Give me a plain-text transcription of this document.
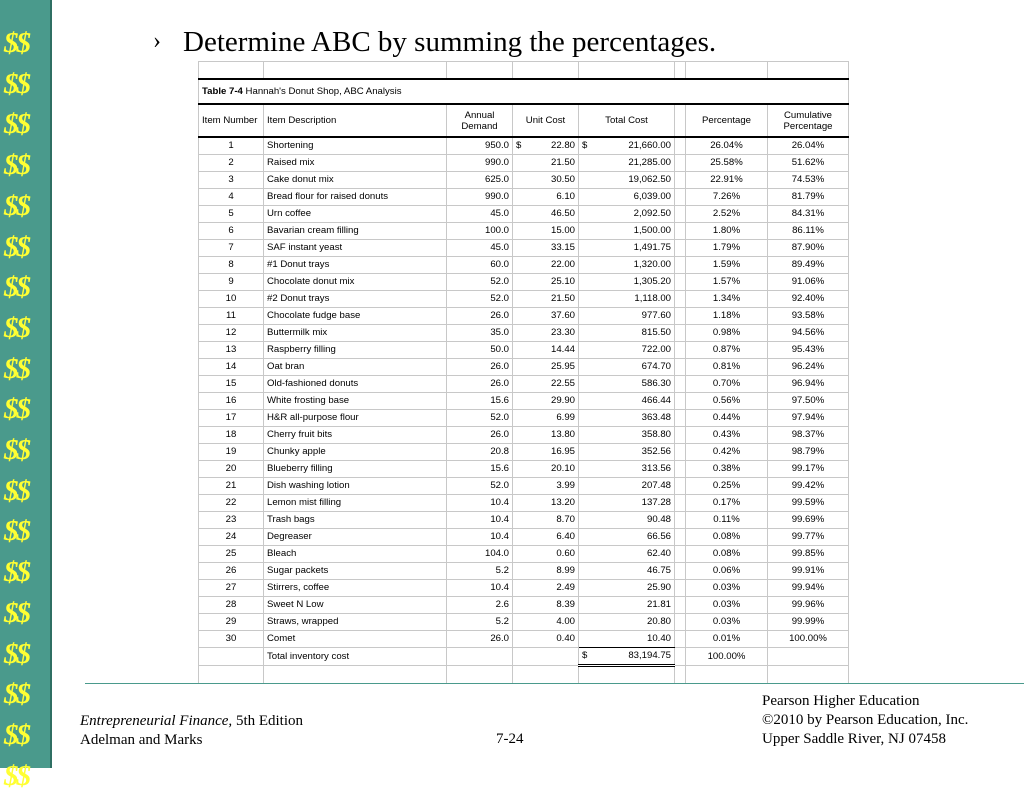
$$
$$
$$
$$
$$
$$
$$
$$
$$
$$
$$
$$
$$
$$
$$
$$
$$
$$
$$
› Determine ABC by summing the percentages.

Table 7-4 Hannah's Donut Shop, ABC Analysis							
Item Number	Item Description	Annual Demand	Unit Cost	Total Cost		Percentage	Cumulative Percentage
1	Shortening	950.0	$ 22.80	$ 21,660.00		26.04%	26.04%
2	Raised mix	990.0	21.50	21,285.00		25.58%	51.62%
3	Cake donut mix	625.0	30.50	19,062.50		22.91%	74.53%
4	Bread flour for raised donuts	990.0	6.10	6,039.00		7.26%	81.79%
5	Urn coffee	45.0	46.50	2,092.50		2.52%	84.31%
6	Bavarian cream filling	100.0	15.00	1,500.00		1.80%	86.11%
7	SAF instant yeast	45.0	33.15	1,491.75		1.79%	87.90%
8	#1 Donut trays	60.0	22.00	1,320.00		1.59%	89.49%
9	Chocolate donut mix	52.0	25.10	1,305.20		1.57%	91.06%
10	#2 Donut trays	52.0	21.50	1,118.00		1.34%	92.40%
11	Chocolate fudge base	26.0	37.60	977.60		1.18%	93.58%
12	Buttermilk mix	35.0	23.30	815.50		0.98%	94.56%
13	Raspberry filling	50.0	14.44	722.00		0.87%	95.43%
14	Oat bran	26.0	25.95	674.70		0.81%	96.24%
15	Old-fashioned donuts	26.0	22.55	586.30		0.70%	96.94%
16	White frosting base	15.6	29.90	466.44		0.56%	97.50%
17	H&R all-purpose flour	52.0	6.99	363.48		0.44%	97.94%
18	Cherry fruit bits	26.0	13.80	358.80		0.43%	98.37%
19	Chunky apple	20.8	16.95	352.56		0.42%	98.79%
20	Blueberry filling	15.6	20.10	313.56		0.38%	99.17%
21	Dish washing lotion	52.0	3.99	207.48		0.25%	99.42%
22	Lemon mist filling	10.4	13.20	137.28		0.17%	99.59%
23	Trash bags	10.4	8.70	90.48		0.11%	99.69%
24	Degreaser	10.4	6.40	66.56		0.08%	99.77%
25	Bleach	104.0	0.60	62.40		0.08%	99.85%
26	Sugar packets	5.2	8.99	46.75		0.06%	99.91%
27	Stirrers, coffee	10.4	2.49	25.90		0.03%	99.94%
28	Sweet N Low	2.6	8.39	21.81		0.03%	99.96%
29	Straws, wrapped	5.2	4.00	20.80		0.03%	99.99%
30	Comet	26.0	0.40	10.40		0.01%	100.00%
	Total inventory cost			$ 83,194.75		100.00%	

Entrepreneurial Finance, 5th Edition
Adelman and Marks	7-24
Pearson Higher Education
©2010 by Pearson Education, Inc.
Upper Saddle River, NJ 07458
